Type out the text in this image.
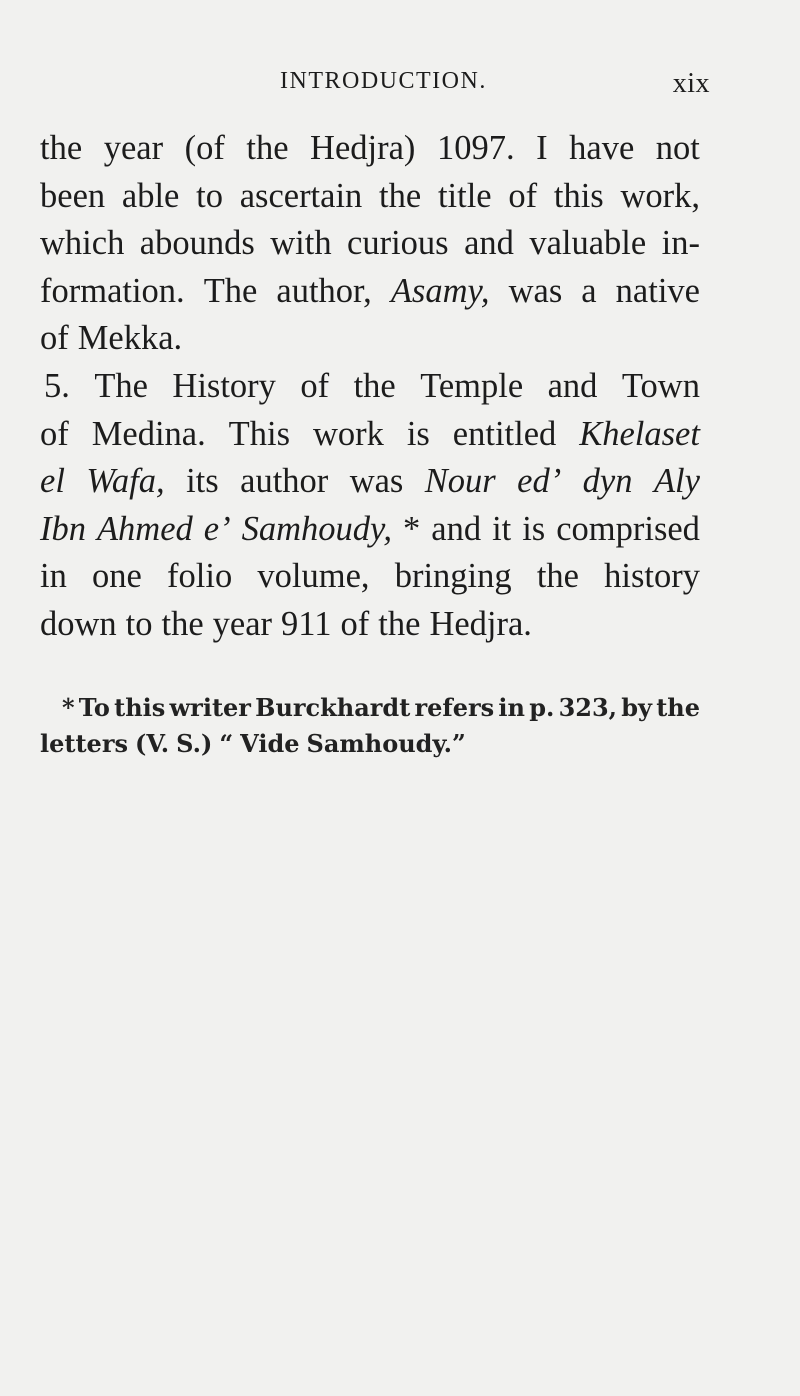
INTRODUCTION.	xix
the year (of the Hedjra) 1097. I have not
been able to ascertain the title of this work,
which abounds with curious and valuable in-
formation. The author, Asamy, was a native
of Mekka.
5. The History of the Temple and Town
of Medina. This work is entitled Khelaset
el Wafa, its author was Nour ed’ dyn Aly
Ibn Ahmed e’ Samhoudy, * and it is comprised
in one folio volume, bringing the history
down to the year 911 of the Hedjra.
* To this writer Burckhardt refers in p. 323, by the
letters (V. S.) “ Vide Samhoudy.”
